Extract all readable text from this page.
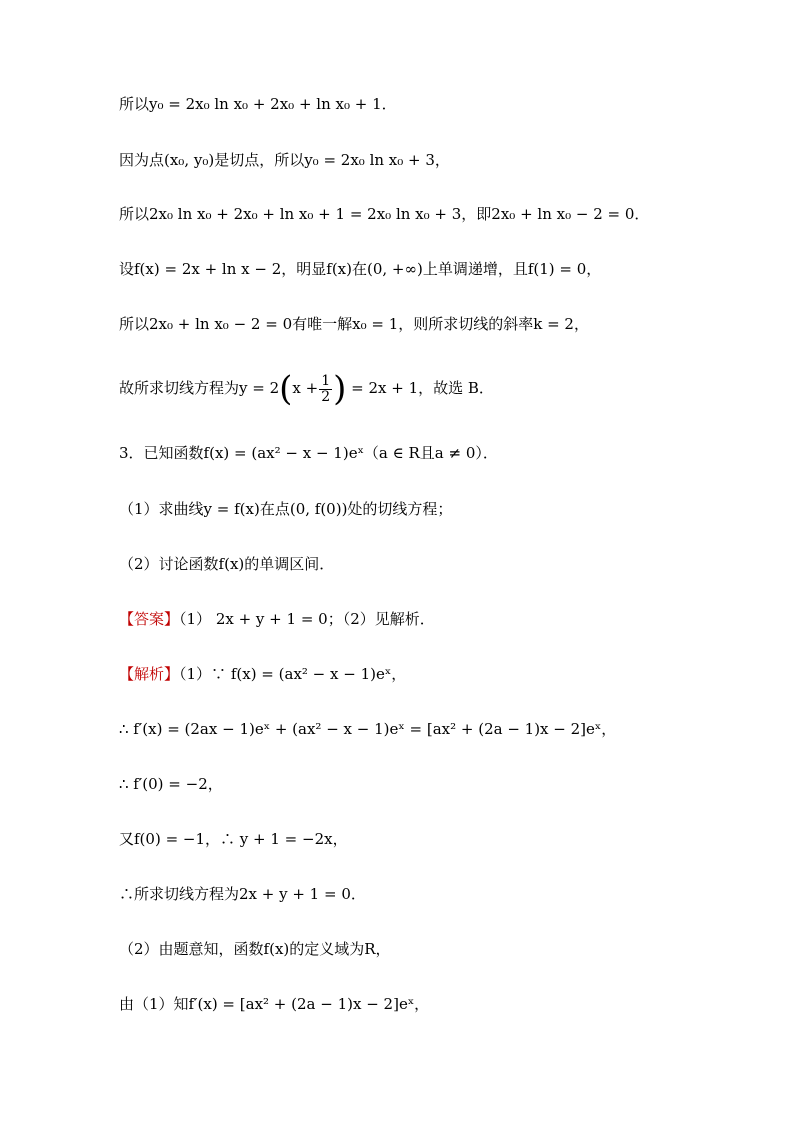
所以y₀ = 2x₀ ln x₀ + 2x₀ + ln x₀ + 1．
因为点(x₀, y₀)是切点，所以y₀ = 2x₀ ln x₀ + 3，
所以2x₀ ln x₀ + 2x₀ + ln x₀ + 1 = 2x₀ ln x₀ + 3，即2x₀ + ln x₀ − 2 = 0．
设f(x) = 2x + ln x − 2，明显f(x)在(0, +∞)上单调递增，且f(1) = 0，
所以2x₀ + ln x₀ − 2 = 0有唯一解x₀ = 1，则所求切线的斜率k = 2，
故所求切线方程为$y = 2(x + \frac{1}{2}$ ) = 2x + 1，故选 B．
3．已知函数f(x) = (ax² − x − 1)eˣ（a ∈ R且a ≠ 0）．
（1）求曲线y = f(x)在点(0, f(0))处的切线方程；
（2）讨论函数f(x)的单调区间．
【答案】（1） 2x + y + 1 = 0；（2）见解析．
【解析】（1）∵ f(x) = (ax² − x − 1)eˣ，
∴ f′(x) = (2ax − 1)eˣ + (ax² − x − 1)eˣ = [ax² + (2a − 1)x − 2]eˣ，
∴ f′(0) = −2，
又f(0) = −1，∴ y + 1 = −2x，
∴所求切线方程为2x + y + 1 = 0．
（2）由题意知，函数f(x)的定义域为R，
由（1）知f′(x) = [ax² + (2a − 1)x − 2]eˣ，
